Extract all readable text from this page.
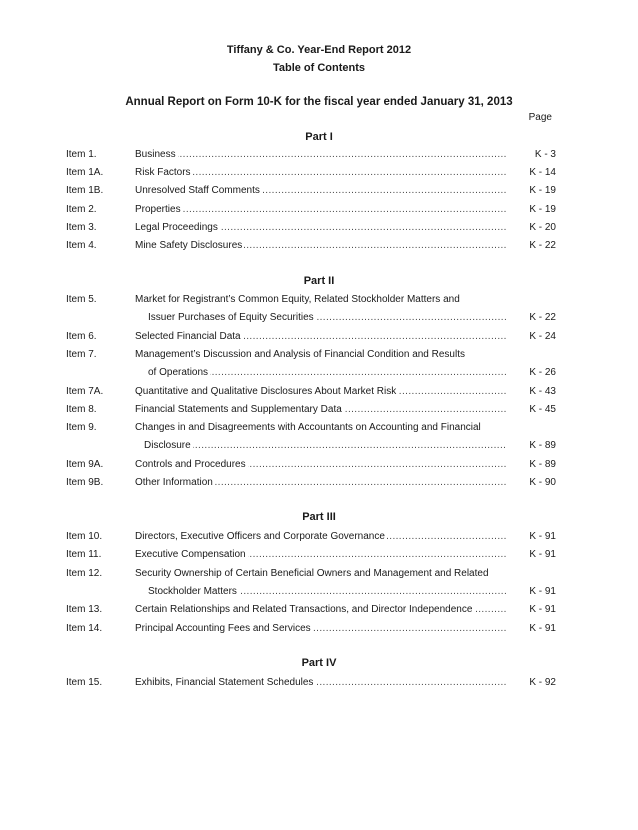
Tiffany & Co. Year-End Report 2012
Table of Contents
Annual Report on Form 10-K for the fiscal year ended January 31, 2013
Page
Part I
Item 1.	Business .....	K - 3
Item 1A.	Risk Factors .....	K - 14
Item 1B.	Unresolved Staff Comments .....	K - 19
Item 2.	Properties .....	K - 19
Item 3.	Legal Proceedings .....	K - 20
Item 4.	Mine Safety Disclosures .....	K - 22
Part II
Item 5.	Market for Registrant’s Common Equity, Related Stockholder Matters and
Issuer Purchases of Equity Securities .....	K - 22
Item 6.	Selected Financial Data .....	K - 24
Item 7.	Management’s Discussion and Analysis of Financial Condition and Results
of Operations .....	K - 26
Item 7A.	Quantitative and Qualitative Disclosures About Market Risk .....	K - 43
Item 8.	Financial Statements and Supplementary Data .....	K - 45
Item 9.	Changes in and Disagreements with Accountants on Accounting and Financial
Disclosure .....	K - 89
Item 9A.	Controls and Procedures .....	K - 89
Item 9B.	Other Information .....	K - 90
Part III
Item 10.	Directors, Executive Officers and Corporate Governance .....	K - 91
Item 11.	Executive Compensation .....	K - 91
Item 12.	Security Ownership of Certain Beneficial Owners and Management and Related
Stockholder Matters .....	K - 91
Item 13.	Certain Relationships and Related Transactions, and Director Independence .....	K - 91
Item 14.	Principal Accounting Fees and Services .....	K - 91
Part IV
Item 15.	Exhibits, Financial Statement Schedules .....	K - 92
